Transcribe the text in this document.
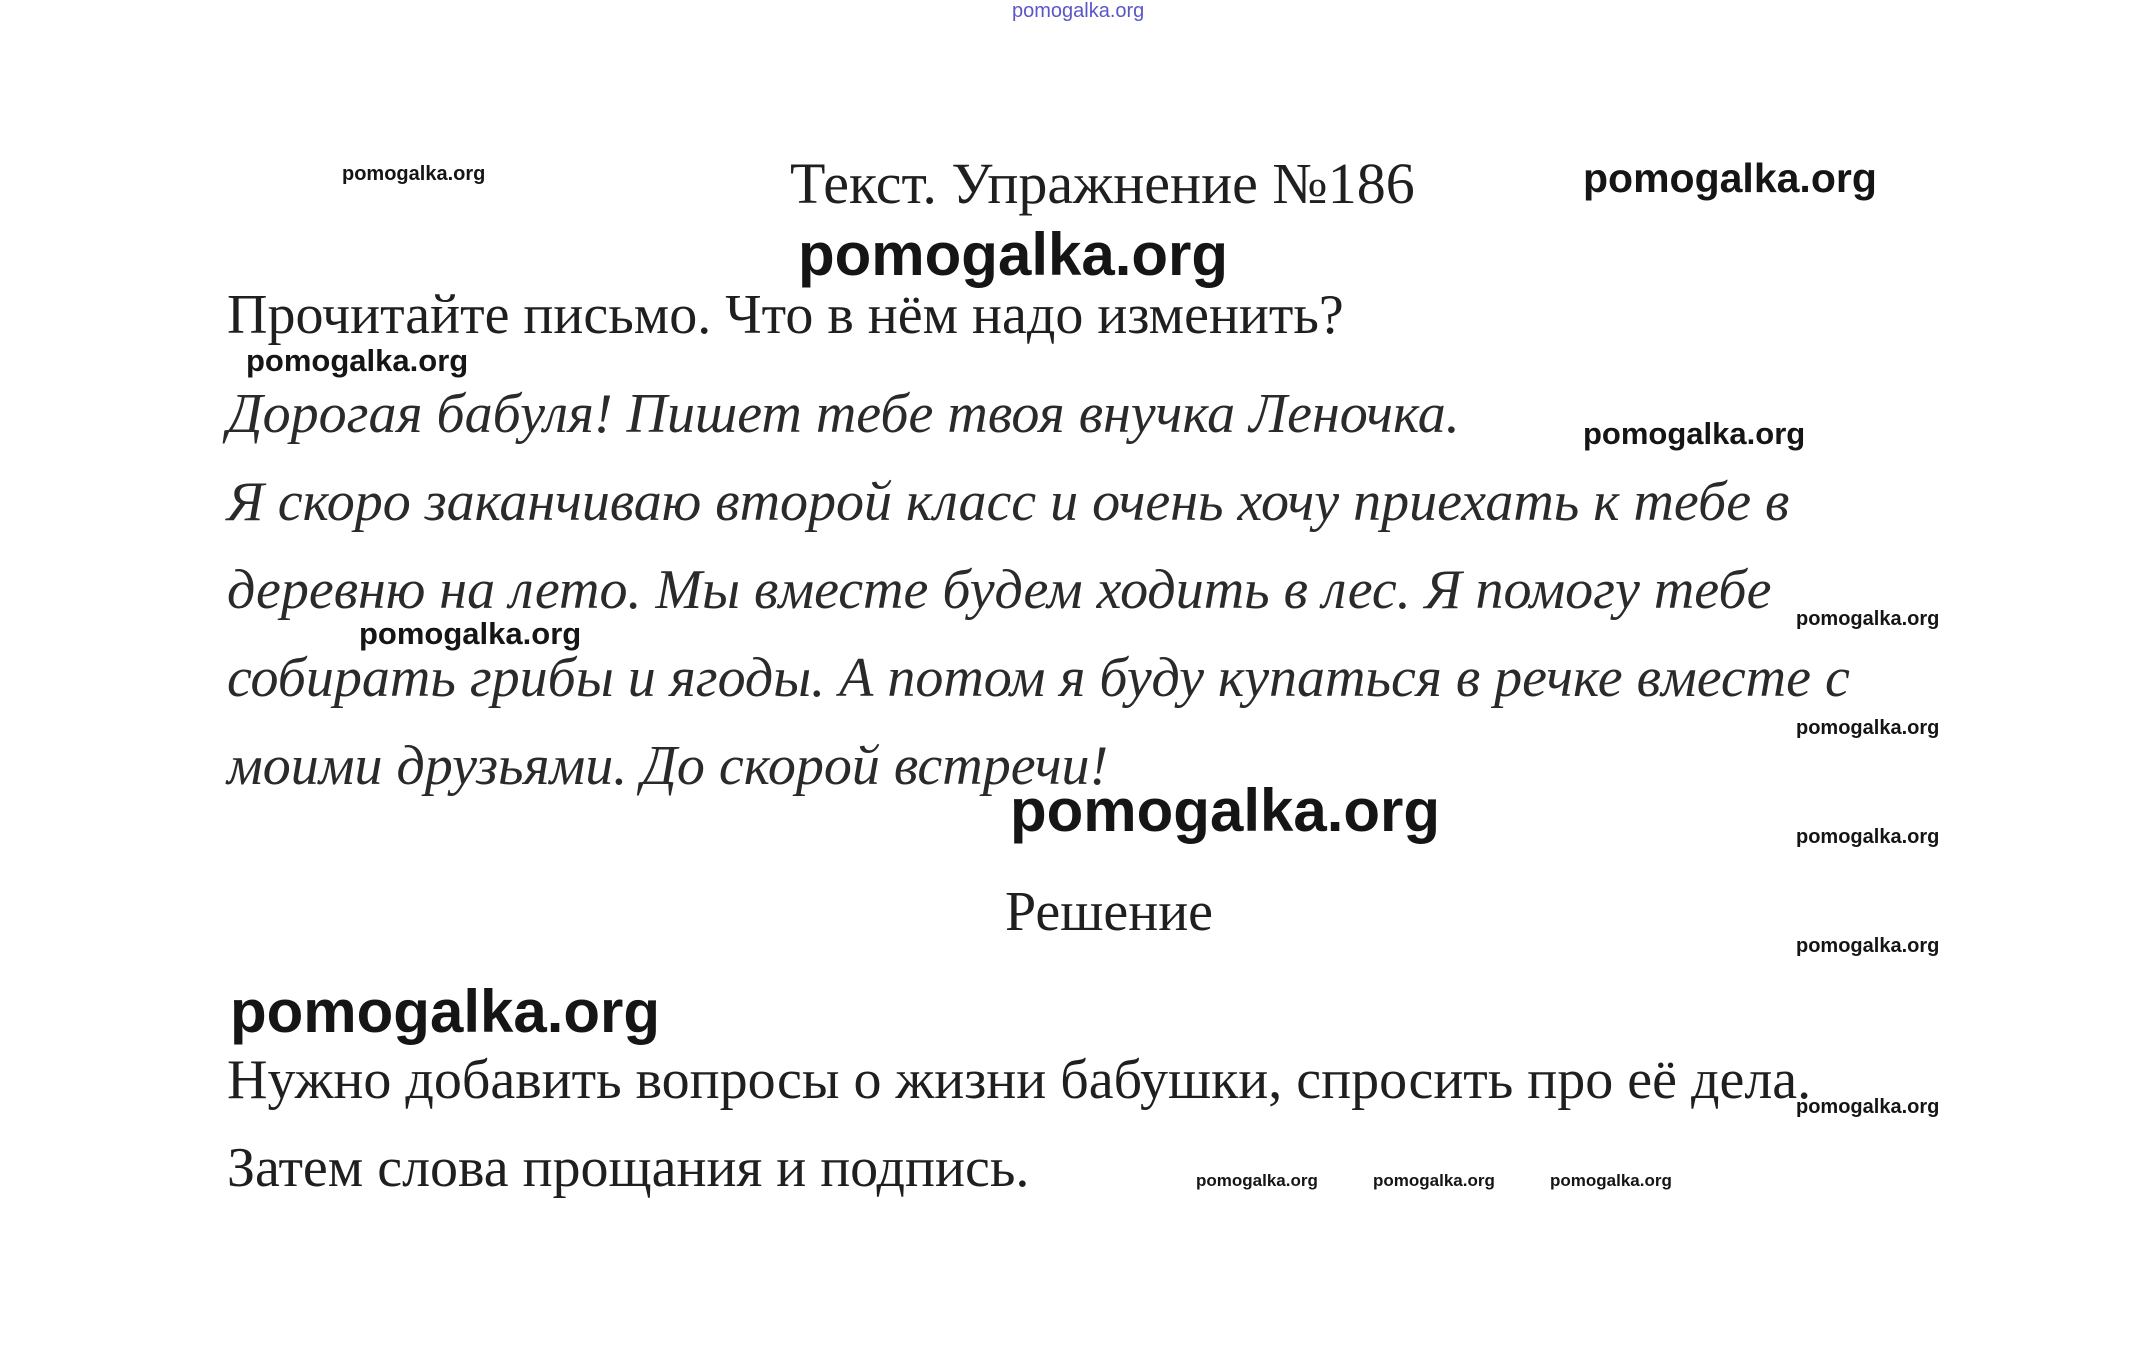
pomogalka.org
Текст. Упражнение №186
Прочитайте письмо. Что в нём надо изменить?
Дорогая бабуля! Пишет тебе твоя внучка Леночка.
Я скоро заканчиваю второй класс и очень хочу приехать к тебе в
деревню на лето. Мы вместе будем ходить в лес. Я помогу тебе
собирать грибы и ягоды. А потом я буду купаться в речке вместе с
моими друзьями. До скорой встречи!
Решение
Нужно добавить вопросы о жизни бабушки, спросить про её дела.
Затем слова прощания и подпись.
pomogalka.org	pomogalka.org
pomogalka.org
pomogalka.org
pomogalka.org
pomogalka.org	pomogalka.org
pomogalka.org
pomogalka.org	pomogalka.org
pomogalka.org
pomogalka.org
pomogalka.org
pomogalka.org	pomogalka.org	pomogalka.org
